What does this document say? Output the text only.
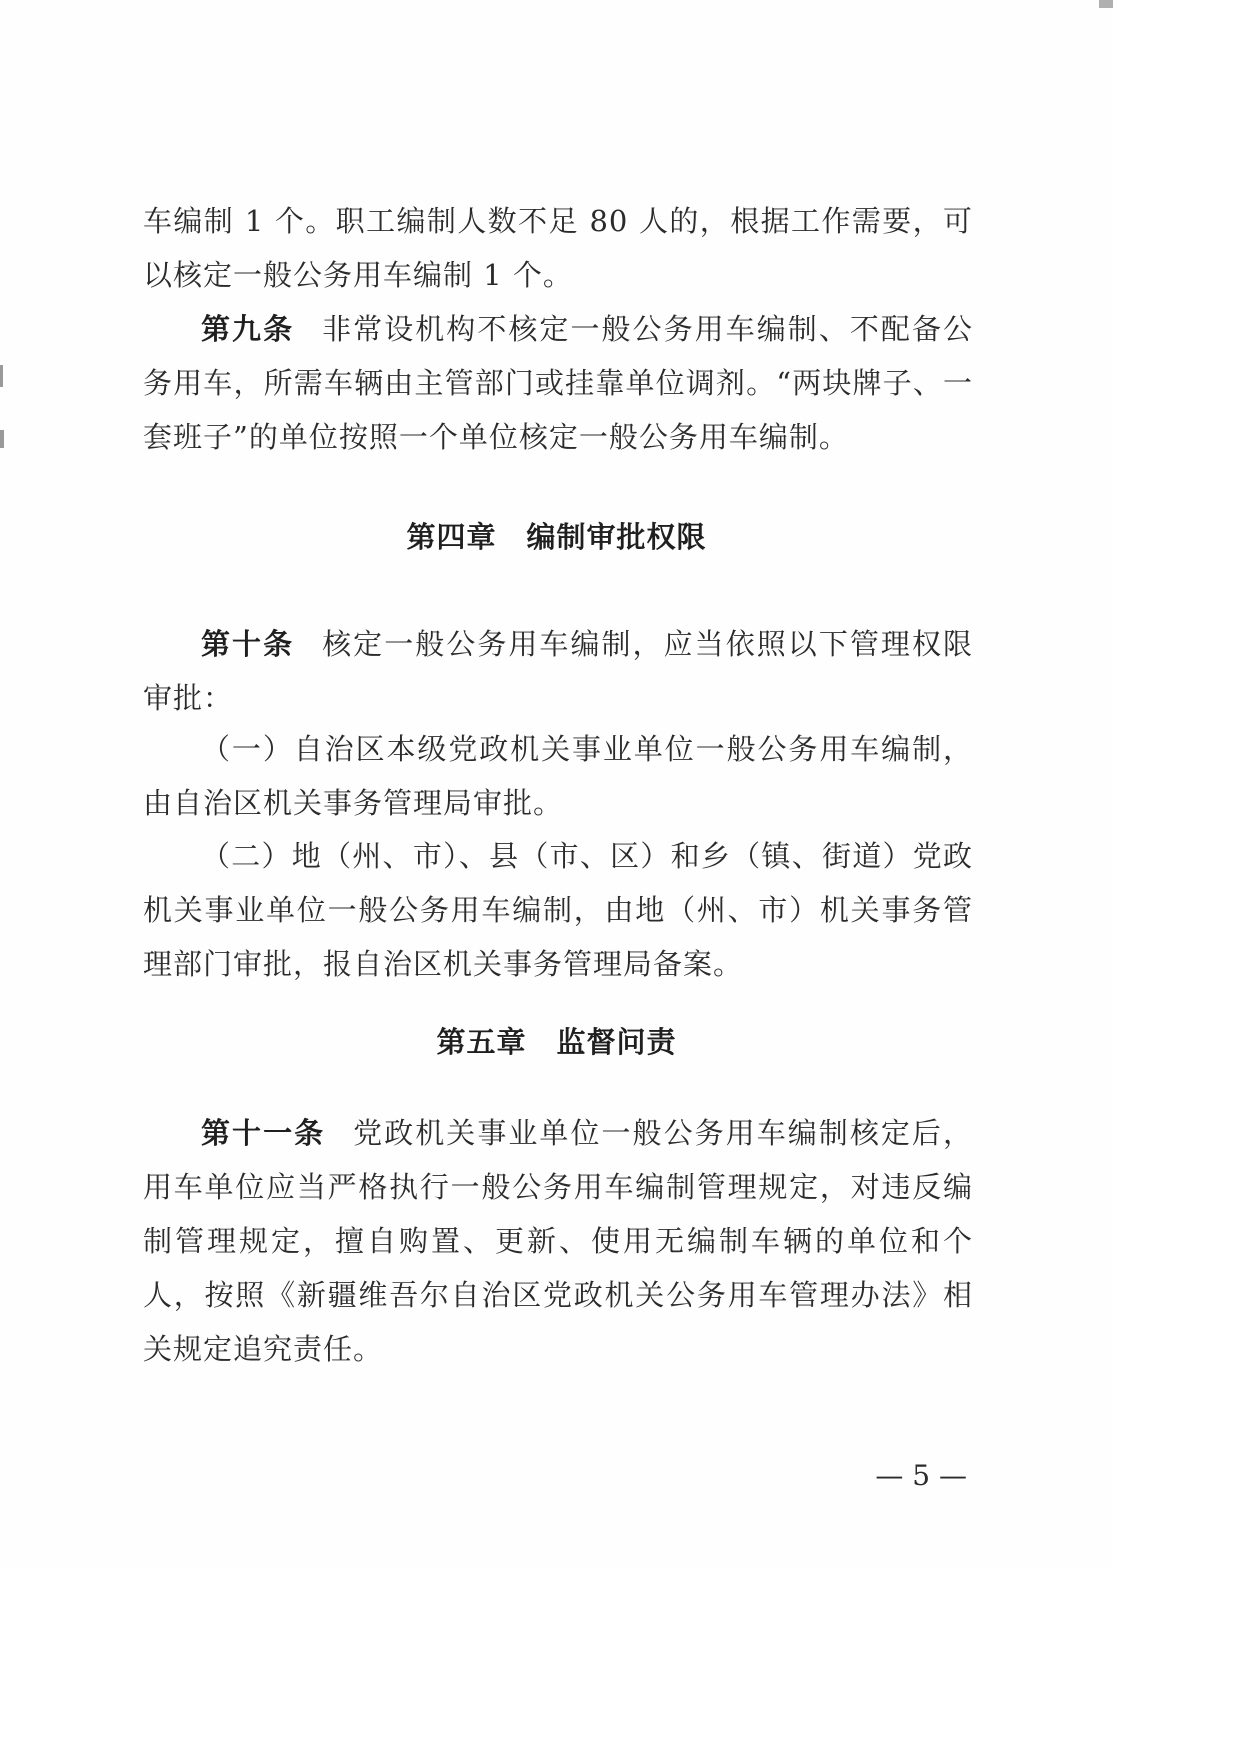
车编制 1 个。职工编制人数不足 80 人的，根据工作需要，可以核定一般公务用车编制 1 个。
第九条 非常设机构不核定一般公务用车编制、不配备公务用车，所需车辆由主管部门或挂靠单位调剂。“两块牌子、一套班子”的单位按照一个单位核定一般公务用车编制。
第四章 编制审批权限
第十条 核定一般公务用车编制，应当依照以下管理权限审批：
（一）自治区本级党政机关事业单位一般公务用车编制，由自治区机关事务管理局审批。
（二）地（州、市）、县（市、区）和乡（镇、街道）党政机关事业单位一般公务用车编制，由地（州、市）机关事务管理部门审批，报自治区机关事务管理局备案。
第五章 监督问责
第十一条 党政机关事业单位一般公务用车编制核定后，用车单位应当严格执行一般公务用车编制管理规定，对违反编制管理规定，擅自购置、更新、使用无编制车辆的单位和个人，按照《新疆维吾尔自治区党政机关公务用车管理办法》相关规定追究责任。
— 5 —
